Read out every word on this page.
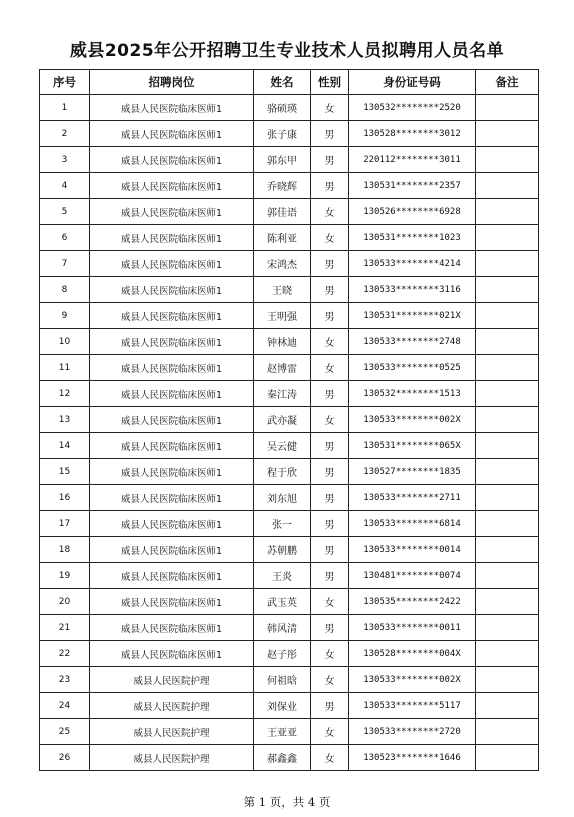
威县2025年公开招聘卫生专业技术人员拟聘用人员名单
序号	招聘岗位	姓名	性别	身份证号码	备注
1	威县人民医院临床医师1	骆硕瑛	女	130532********2520	
2	威县人民医院临床医师1	张子康	男	130528********3012	
3	威县人民医院临床医师1	郭东甲	男	220112********3011	
4	威县人民医院临床医师1	乔晓辉	男	130531********2357	
5	威县人民医院临床医师1	郭佳语	女	130526********6928	
6	威县人民医院临床医师1	陈利亚	女	130531********1023	
7	威县人民医院临床医师1	宋鸿杰	男	130533********4214	
8	威县人民医院临床医师1	王晓	男	130533********3116	
9	威县人民医院临床医师1	王明强	男	130531********021X	
10	威县人民医院临床医师1	钟林迪	女	130533********2748	
11	威县人民医院临床医师1	赵博雷	女	130533********0525	
12	威县人民医院临床医师1	秦江涛	男	130532********1513	
13	威县人民医院临床医师1	武亦凝	女	130533********002X	
14	威县人民医院临床医师1	吴云健	男	130531********065X	
15	威县人民医院临床医师1	程于欣	男	130527********1835	
16	威县人民医院临床医师1	刘东旭	男	130533********2711	
17	威县人民医院临床医师1	张一	男	130533********6814	
18	威县人民医院临床医师1	苏朝鹏	男	130533********0014	
19	威县人民医院临床医师1	王炎	男	130481********0074	
20	威县人民医院临床医师1	武玉英	女	130535********2422	
21	威县人民医院临床医师1	韩风清	男	130533********0011	
22	威县人民医院临床医师1	赵子彤	女	130528********004X	
23	威县人民医院护理	何祖晗	女	130533********002X	
24	威县人民医院护理	刘保业	男	130533********5117	
25	威县人民医院护理	王亚亚	女	130533********2720	
26	威县人民医院护理	郝鑫鑫	女	130523********1646	
第 1 页，共 4 页
